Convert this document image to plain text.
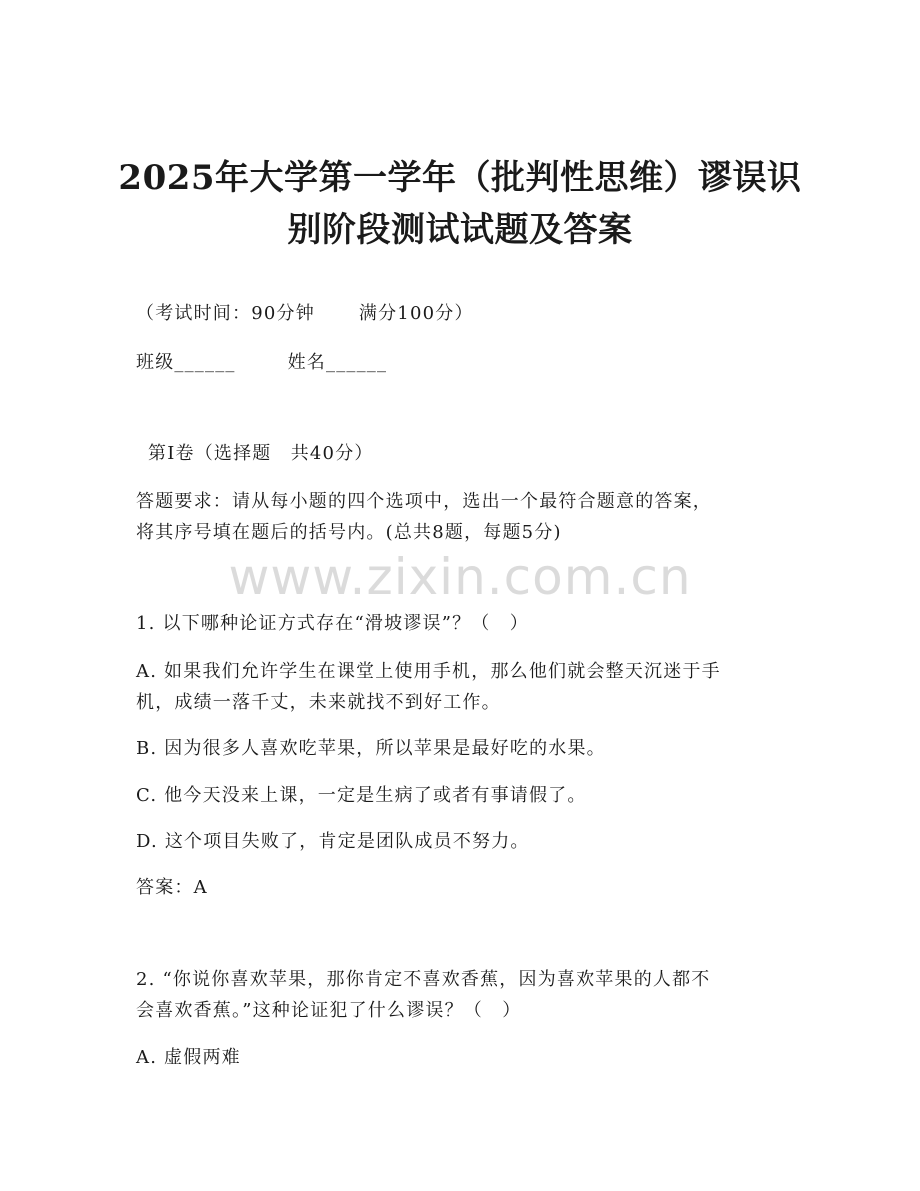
2025年大学第一学年（批判性思维）谬误识
别阶段测试试题及答案
（考试时间：90分钟 满分100分）
班级______	姓名______
第Ⅰ卷（选择题　共40分）
答题要求：请从每小题的四个选项中，选出一个最符合题意的答案，
将其序号填在题后的括号内。(总共8题，每题5分)
www.zixin.com.cn
1. 以下哪种论证方式存在“滑坡谬误”？（　）
A. 如果我们允许学生在课堂上使用手机，那么他们就会整天沉迷于手
机，成绩一落千丈，未来就找不到好工作。
B. 因为很多人喜欢吃苹果，所以苹果是最好吃的水果。
C. 他今天没来上课，一定是生病了或者有事请假了。
D. 这个项目失败了，肯定是团队成员不努力。
答案：A
2. “你说你喜欢苹果，那你肯定不喜欢香蕉，因为喜欢苹果的人都不
会喜欢香蕉。”这种论证犯了什么谬误？（　）
A. 虚假两难
